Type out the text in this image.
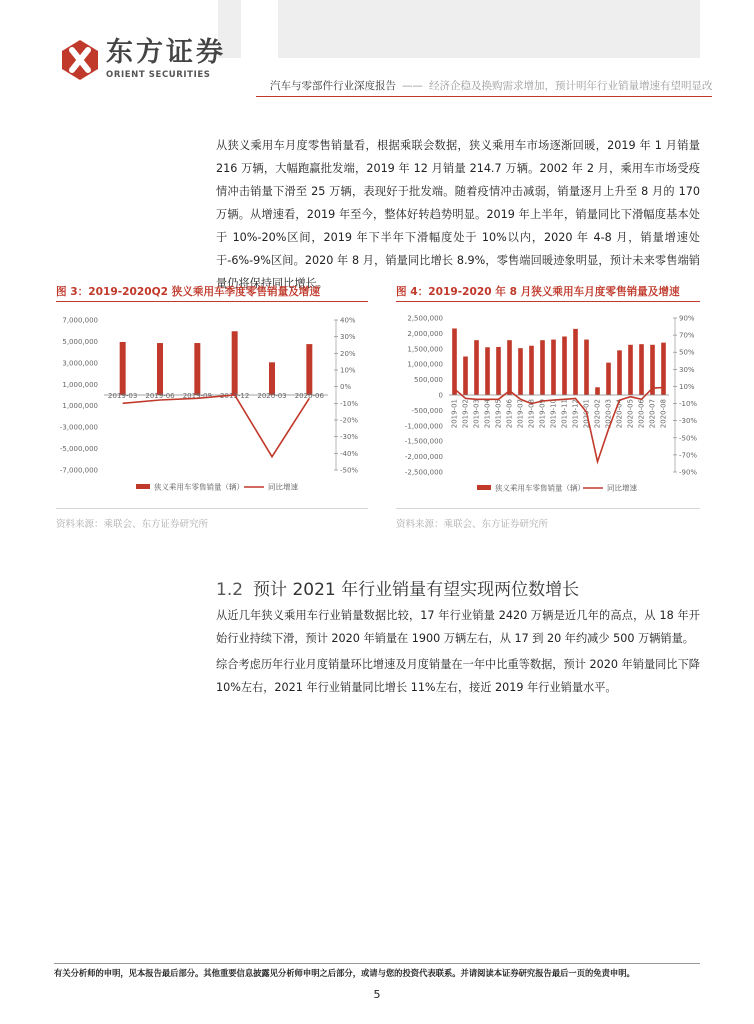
东方证券
ORIENT SECURITIES
汽车与零部件行业深度报告 —— 经济企稳及换购需求增加，预计明年行业销量增速有望明显改

从狭义乘用车月度零售销量看，根据乘联会数据，狭义乘用车市场逐渐回暖，2019 年 1 月销量 216 万辆，大幅跑赢批发端，2019 年 12 月销量 214.7 万辆。2002 年 2 月，乘用车市场受疫情冲击销量下滑至 25 万辆，表现好于批发端。随着疫情冲击减弱，销量逐月上升至 8 月的 170 万辆。从增速看，2019 年至今，整体好转趋势明显。2019 年上半年，销量同比下滑幅度基本处于 10%-20%区间，2019 年下半年下滑幅度处于 10%以内，2020 年 4-8 月，销量增速处于-6%-9%区间。2020 年 8 月，销量同比增长 8.9%，零售端回暖迹象明显，预计未来零售端销量仍将保持同比增长。

图 3：2019-2020Q2 狭义乘用车季度零售销量及增速
7,000,000
5,000,000
3,000,000
1,000,000
1,000,000
-3,000,000
-5,000,000
-7,000,000
40%
30%
20%
10%
0%
-10%
-20%
-30%
-40%
-50%
2019-03 2019-06 2019-09 2019-12 2020-03 2020-06
狭义乘用车零售销量（辆）	同比增速
资料来源：乘联会、东方证券研究所
图 4：2019-2020 年 8 月狭义乘用车月度零售销量及增速
2,500,000
2,000,000
1,500,000
1,000,000
500,000
0
-500,000
-1,000,000
-1,500,000
-2,000,000
-2,500,000
90%
70%
50%
30%
10%
-10%
-30%
-50%
-70%
-90%
2019-01 2019-02 2019-03 2019-04 2019-05 2019-06 2019-07 2019-08 2019-09 2019-10 2019-11 2019-12 2020-01 2020-02 2020-03 2020-04 2020-05 2020-06 2020-07 2020-08
狭义乘用车零售销量（辆）	同比增速
资料来源：乘联会、东方证券研究所
1.2 预计 2021 年行业销量有望实现两位数增长

从近几年狭义乘用车行业销量数据比较，17 年行业销量 2420 万辆是近几年的高点，从 18 年开始行业持续下滑，预计 2020 年销量在 1900 万辆左右，从 17 到 20 年约减少 500 万辆销量。

综合考虑历年行业月度销量环比增速及月度销量在一年中比重等数据，预计 2020 年销量同比下降 10%左右，2021 年行业销量同比增长 11%左右，接近 2019 年行业销量水平。

有关分析师的申明，见本报告最后部分。其他重要信息披露见分析师申明之后部分，或请与您的投资代表联系。并请阅读本证券研究报告最后一页的免责申明。
5
